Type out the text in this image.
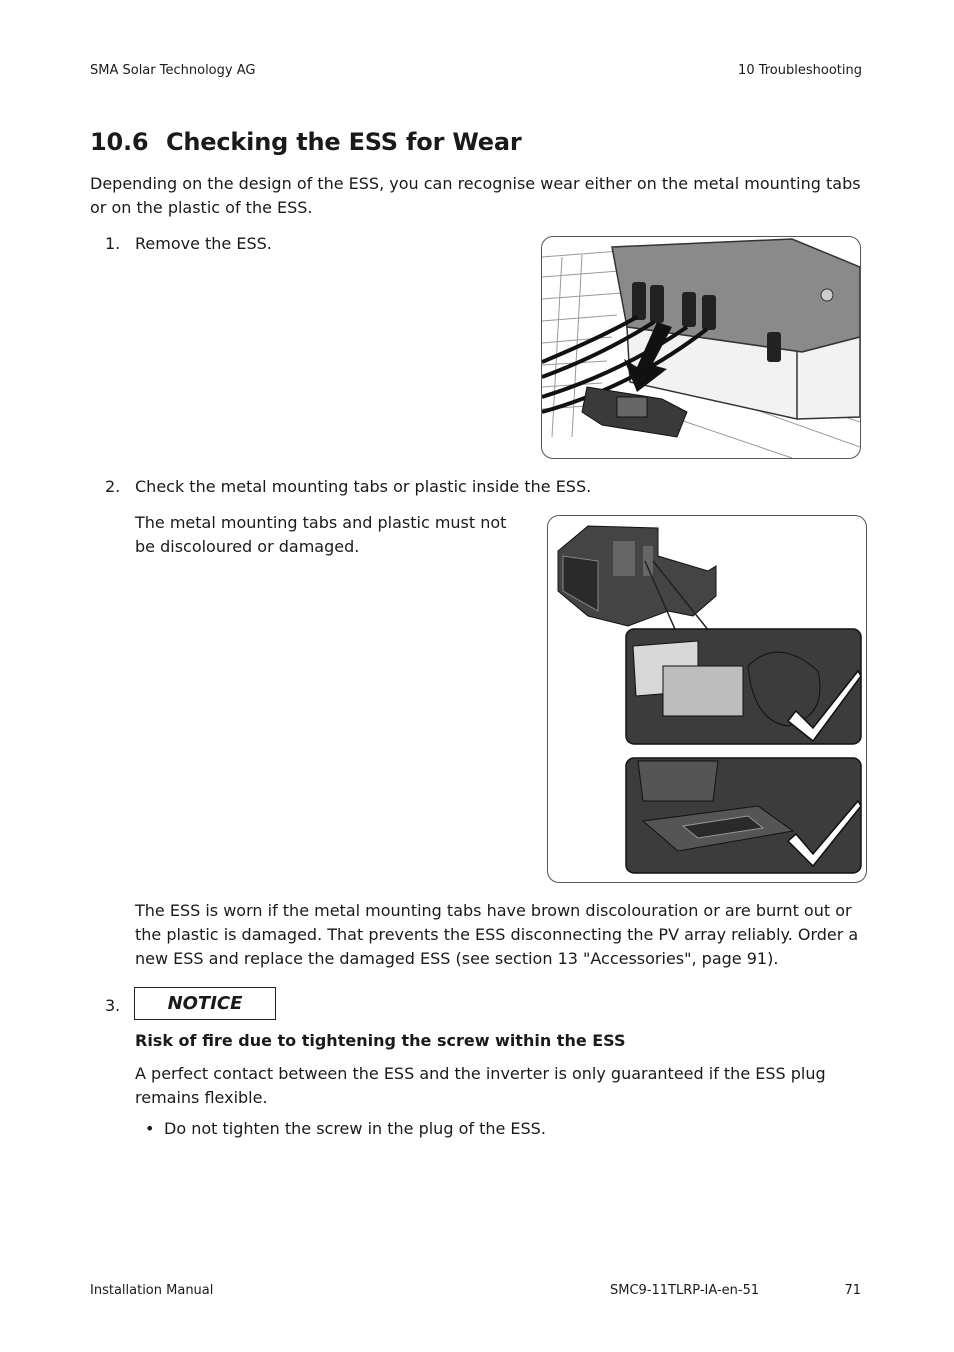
SMA Solar Technology AG	10 Troubleshooting
10.6 Checking the ESS for Wear
Depending on the design of the ESS, you can recognise wear either on the metal mounting tabs or on the plastic of the ESS.
1. Remove the ESS.
2. Check the metal mounting tabs or plastic inside the ESS.
The metal mounting tabs and plastic must not be discoloured or damaged.
The ESS is worn if the metal mounting tabs have brown discolouration or are burnt out or the plastic is damaged. That prevents the ESS disconnecting the PV array reliably. Order a new ESS and replace the damaged ESS (see section 13 "Accessories", page 91).
3.	NOTICE
Risk of fire due to tightening the screw within the ESS
A perfect contact between the ESS and the inverter is only guaranteed if the ESS plug remains flexible.
• Do not tighten the screw in the plug of the ESS.
Installation Manual	SMC9-11TLRP-IA-en-51	71
